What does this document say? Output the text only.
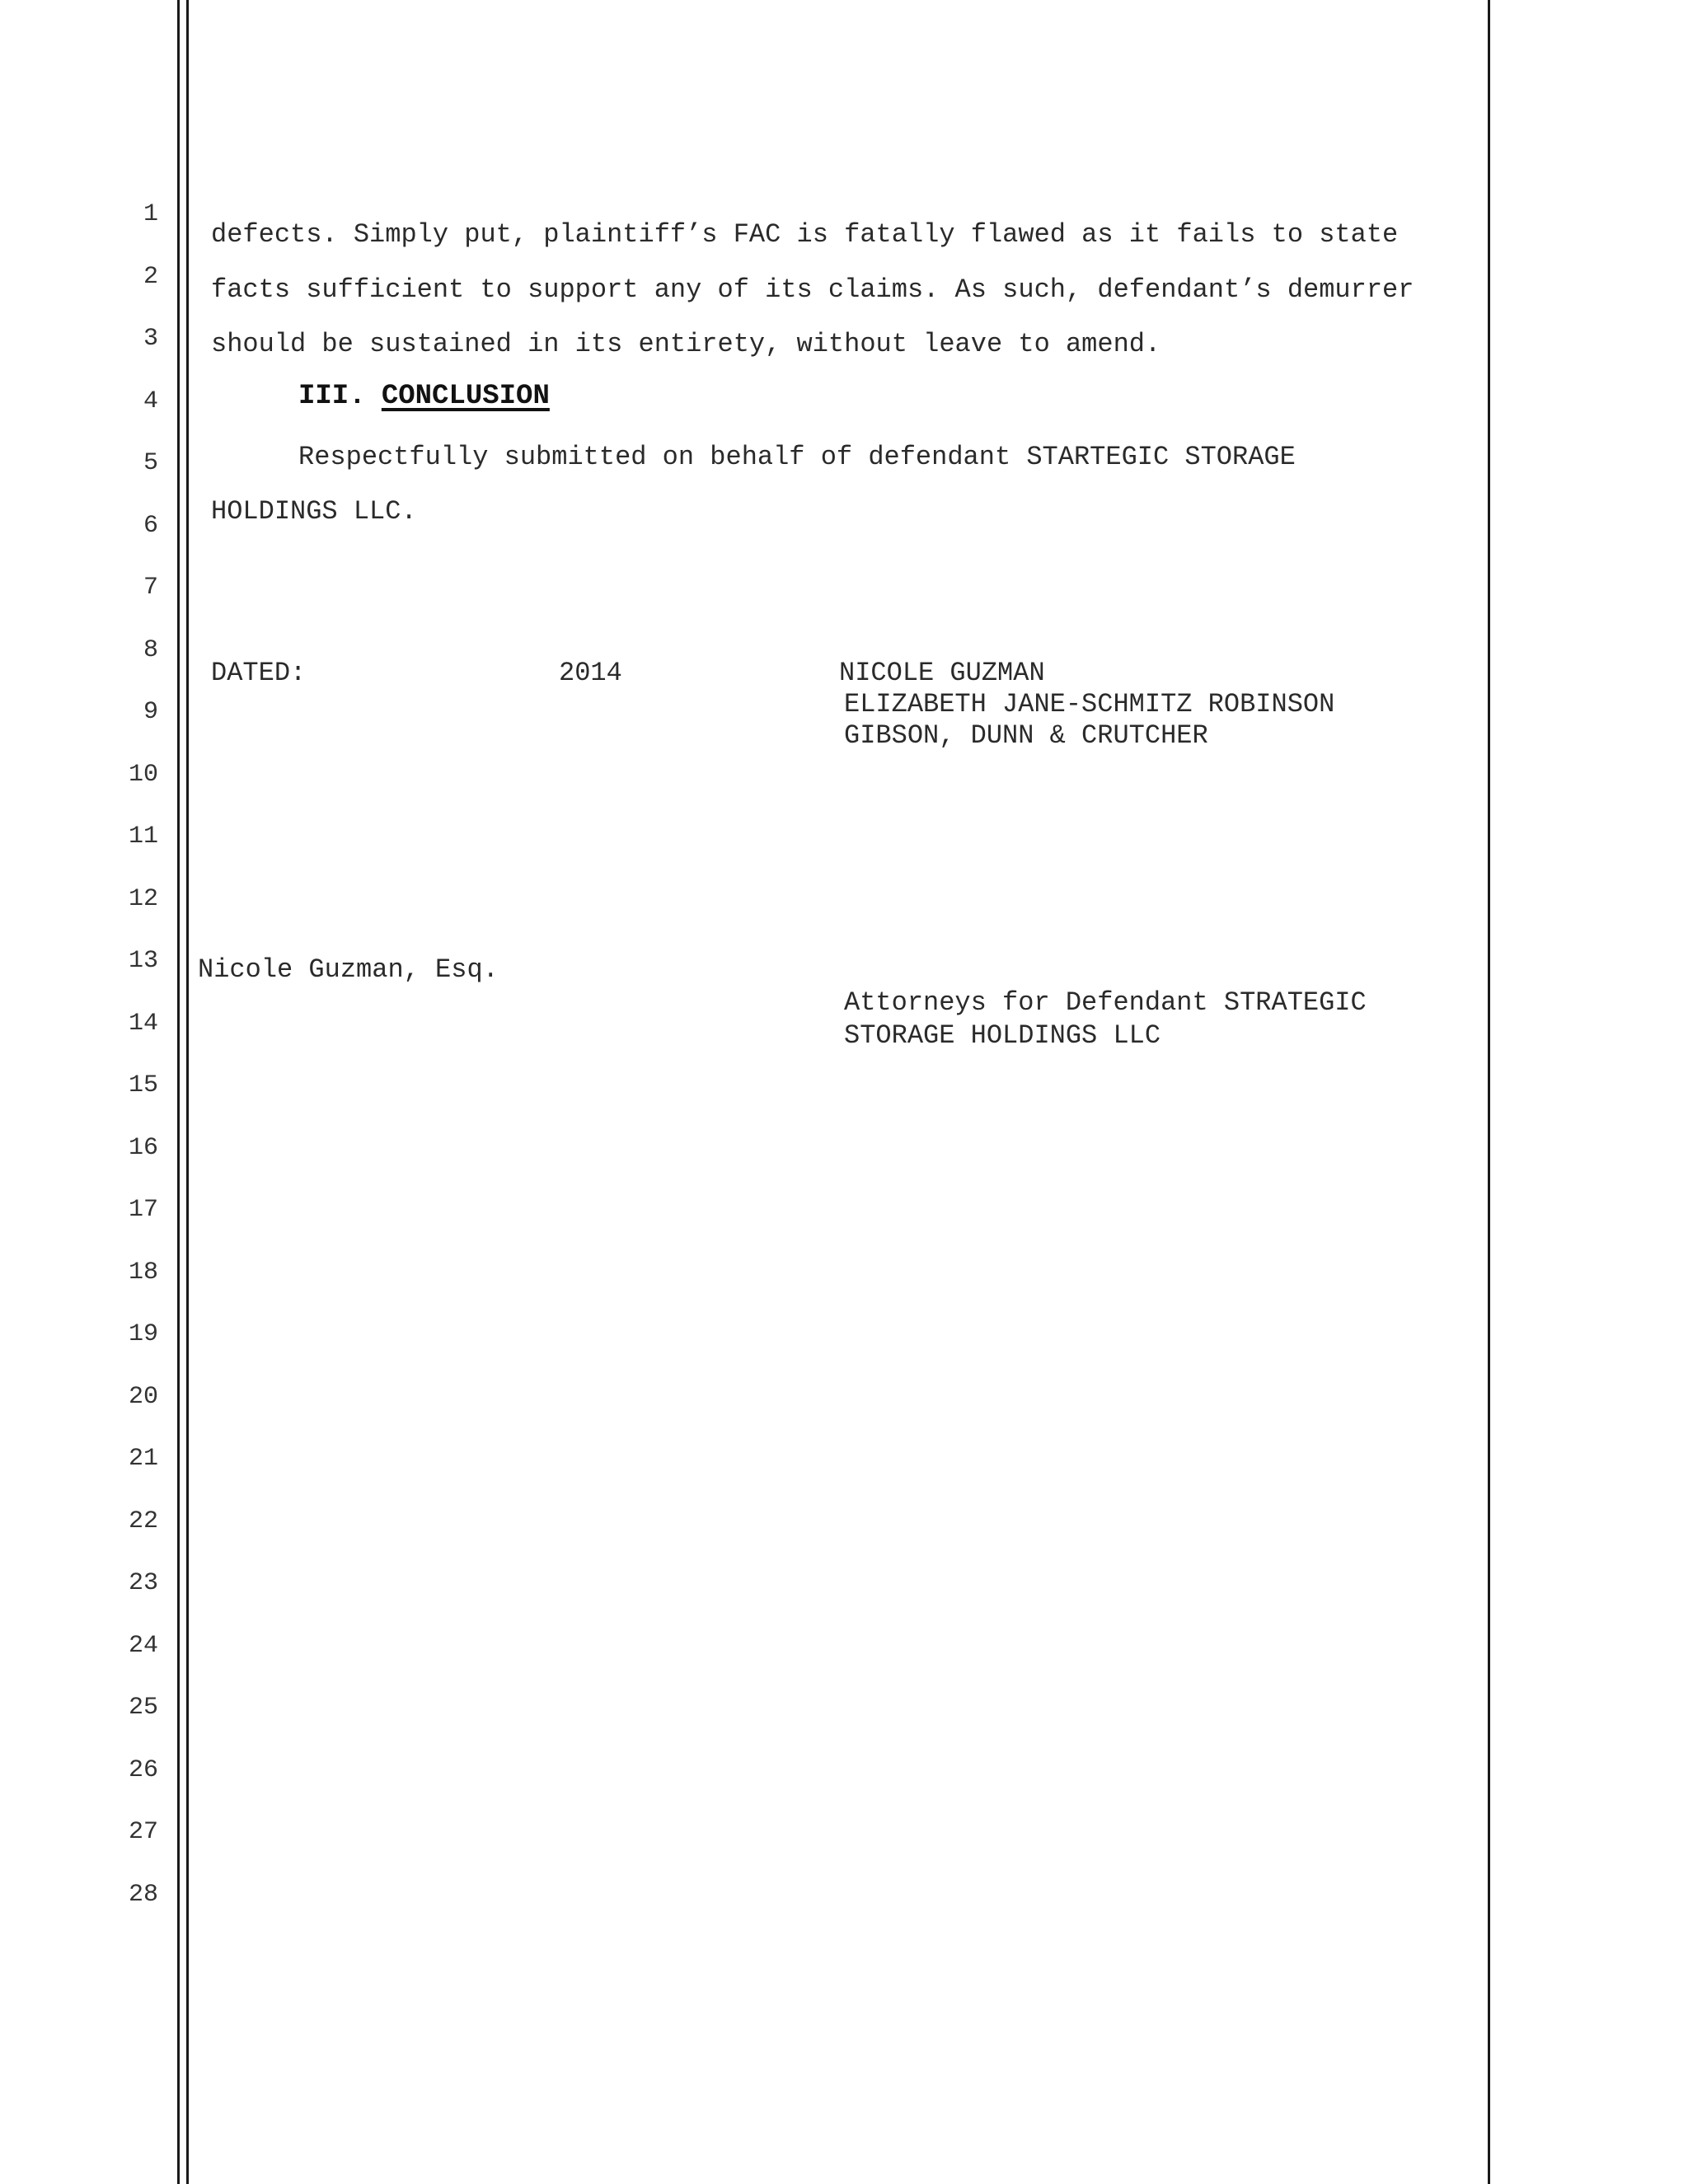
1
2
3
4
5
6
7
8
9
10
11
12
13
14
15
16
17
18
19
20
21
22
23
24
25
26
27
28
defects. Simply put, plaintiff’s FAC is fatally flawed as it fails to state
facts sufficient to support any of its claims. As such, defendant’s demurrer
should be sustained in its entirety, without leave to amend.
III. CONCLUSION
Respectfully submitted on behalf of defendant STARTEGIC STORAGE
HOLDINGS LLC.
DATED:	2014	NICOLE GUZMAN
ELIZABETH JANE-SCHMITZ ROBINSON
GIBSON, DUNN & CRUTCHER
Nicole Guzman, Esq.
Attorneys for Defendant STRATEGIC
STORAGE HOLDINGS LLC
